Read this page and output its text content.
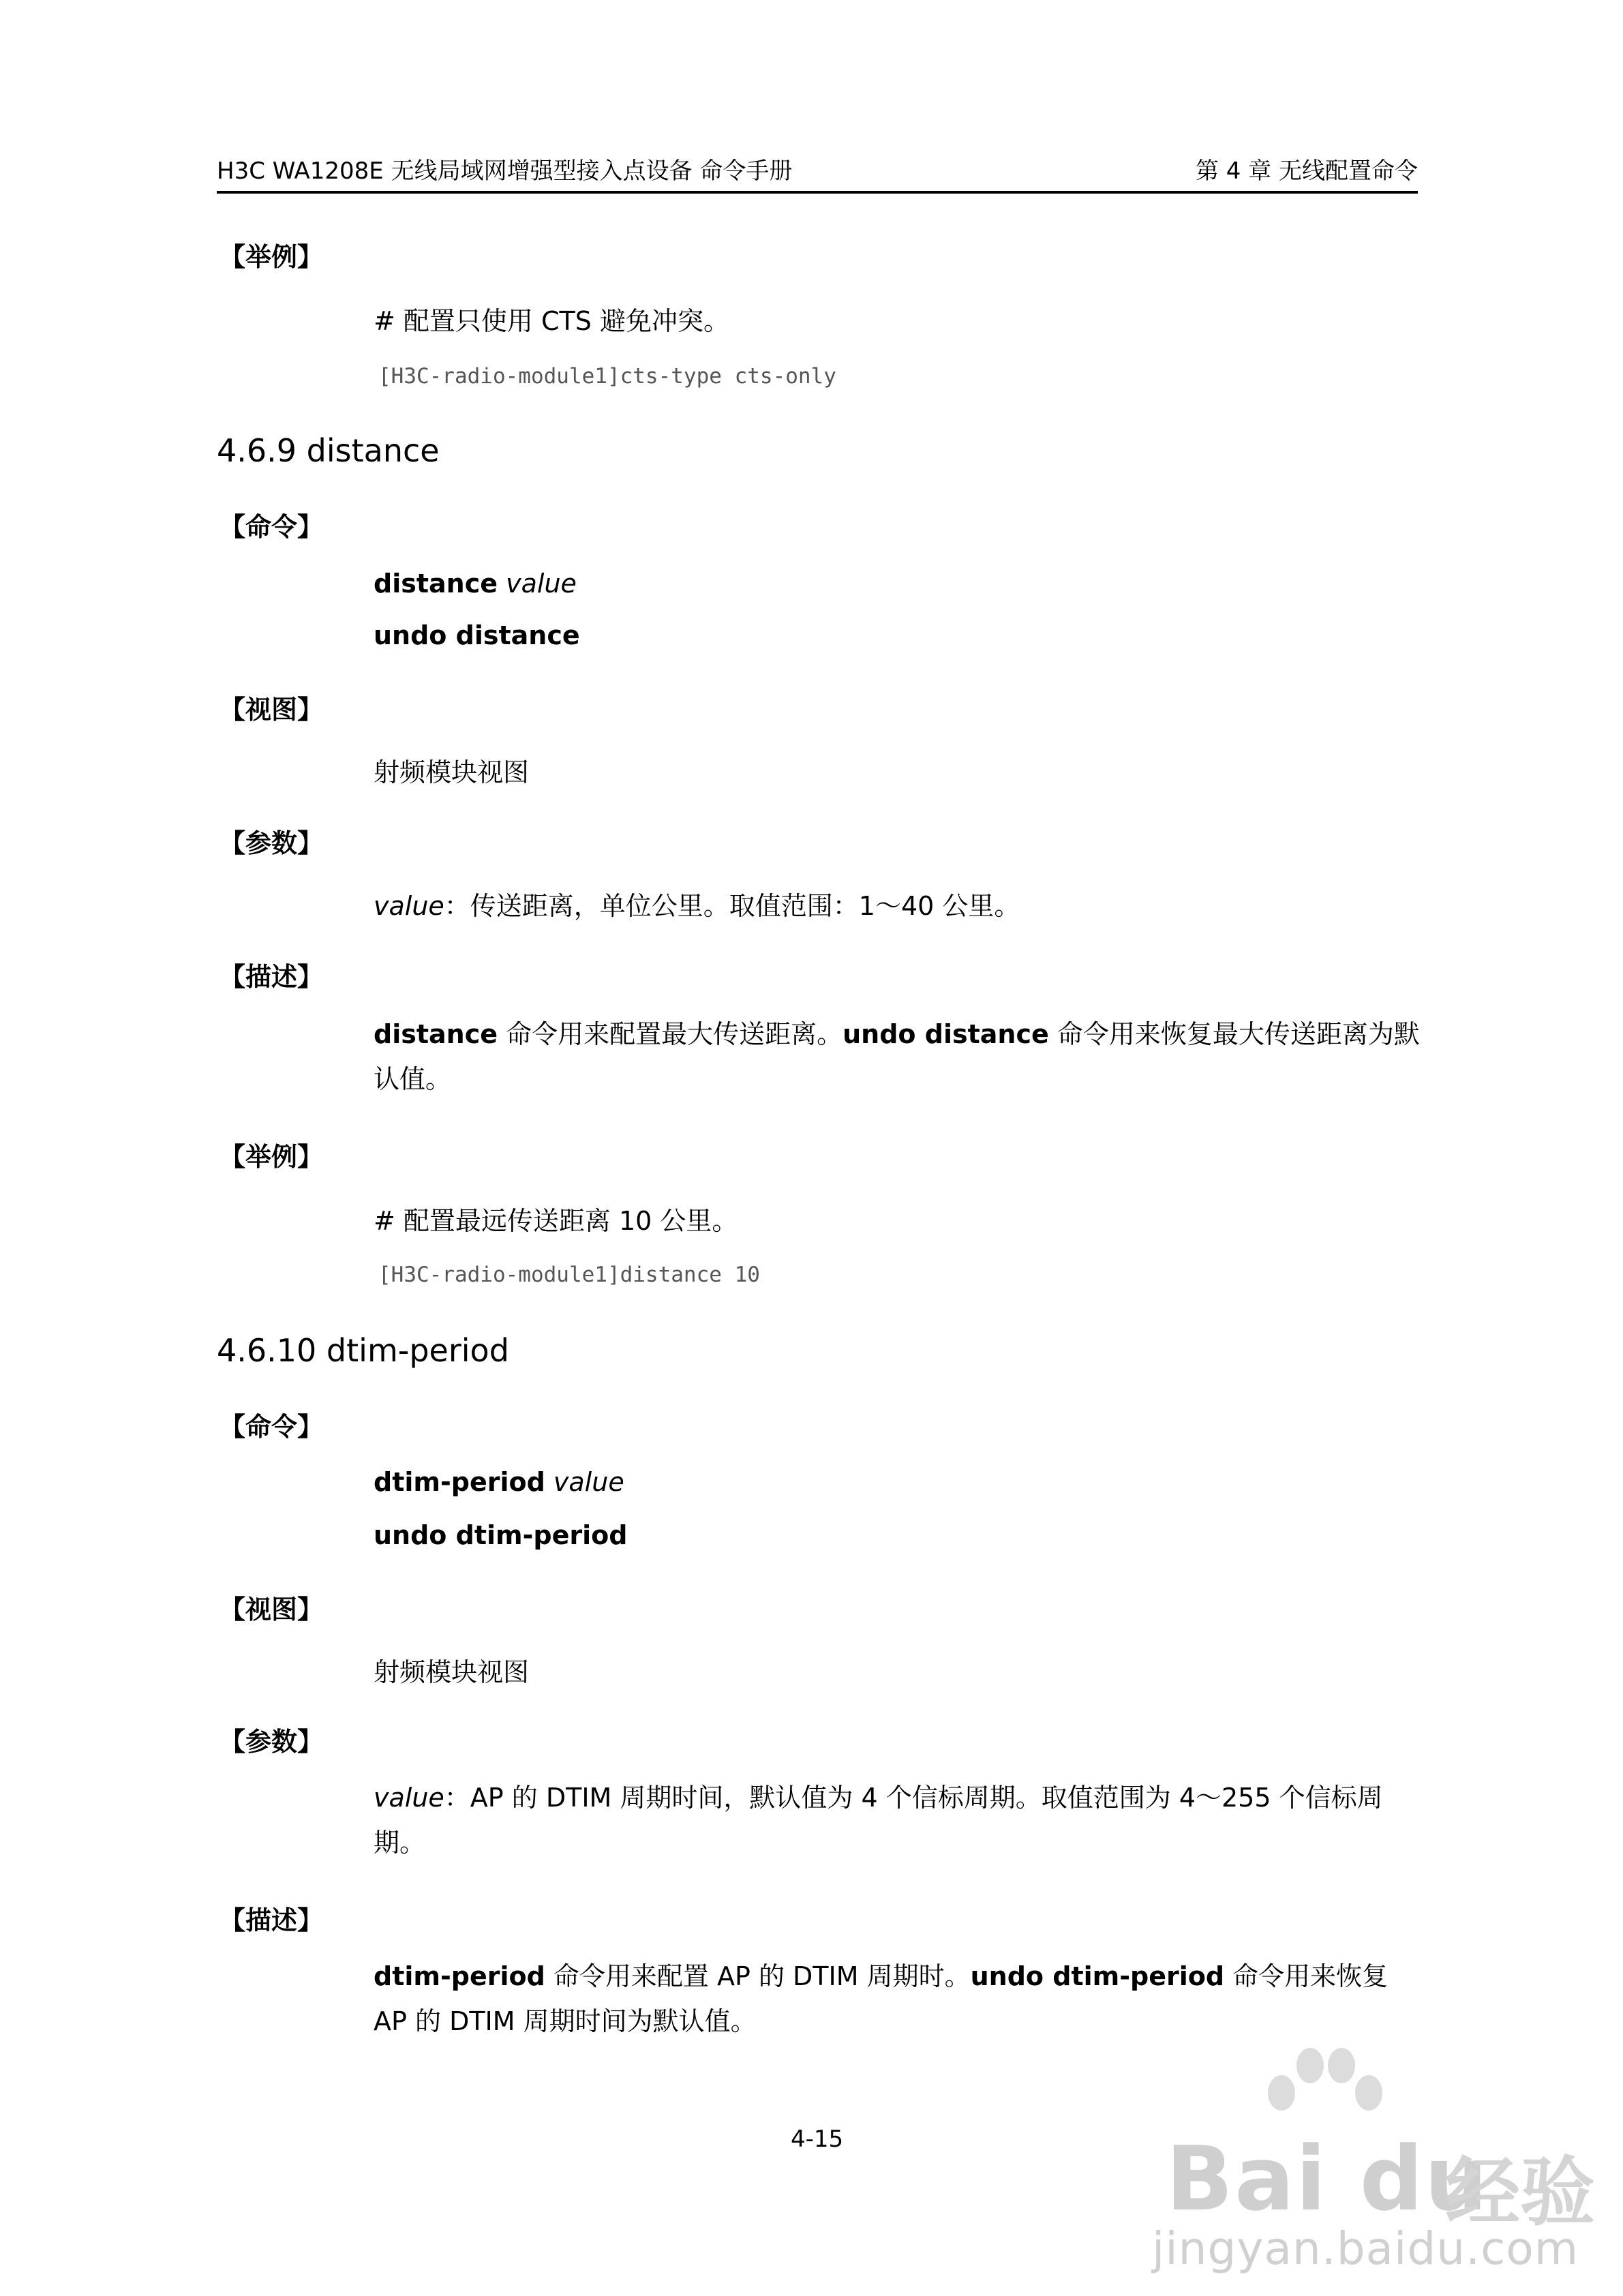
H3C WA1208E 无线局域网增强型接入点设备 命令手册	第 4 章 无线配置命令
【举例】
# 配置只使用 CTS 避免冲突。
[H3C-radio-module1]cts-type cts-only
4.6.9 distance
【命令】
distance value
undo distance
【视图】
射频模块视图
【参数】
value：传送距离，单位公里。取值范围：1～40 公里。
【描述】
distance 命令用来配置最大传送距离。undo distance 命令用来恢复最大传送距离为默认值。
【举例】
# 配置最远传送距离 10 公里。
[H3C-radio-module1]distance 10
4.6.10 dtim-period
【命令】
dtim-period value
undo dtim-period
【视图】
射频模块视图
【参数】
value：AP 的 DTIM 周期时间，默认值为 4 个信标周期。取值范围为 4～255 个信标周期。
【描述】
dtim-period 命令用来配置 AP 的 DTIM 周期时。undo dtim-period 命令用来恢复 AP 的 DTIM 周期时间为默认值。
4-15	Bai du
经验
jingyan.baidu.com
